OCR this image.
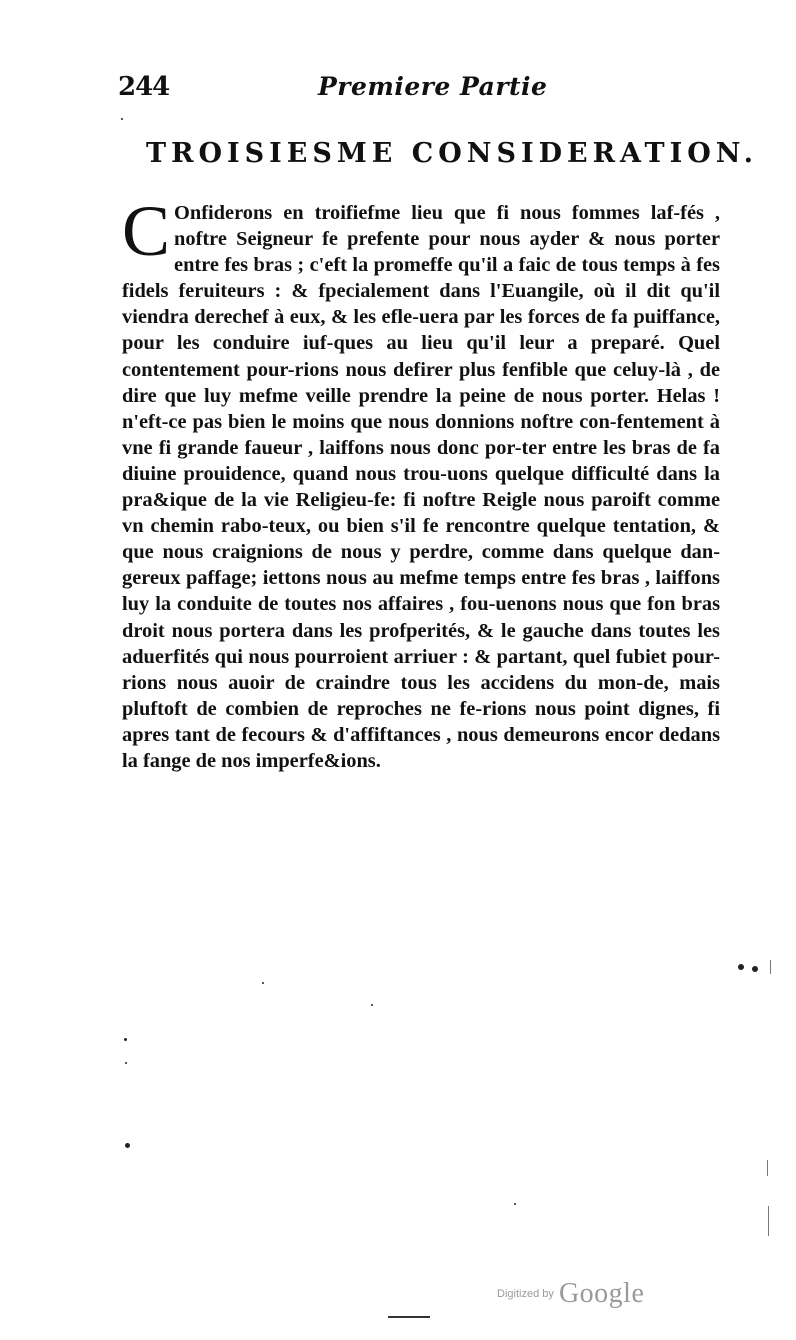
244	Premiere Partie
TROISIESME CONSIDERATION.
C Onfiderons en troifiefme lieu que fi nous fommes laf-fés , noftre Seigneur fe prefente pour nous ayder & nous porter entre fes bras ; c'eft la promeffe qu'il a faic de tous temps à fes fidels feruiteurs : & fpecialement dans l'Euangile, où il dit qu'il viendra derechef à eux, & les efle-uera par les forces de fa puiffance, pour les conduire iuf-ques au lieu qu'il leur a preparé. Quel contentement pour-rions nous defirer plus fenfible que celuy-là , de dire que luy mefme veille prendre la peine de nous porter. Helas ! n'eft-ce pas bien le moins que nous donnions noftre con-fentement à vne fi grande faueur , laiffons nous donc por-ter entre les bras de fa diuine prouidence, quand nous trou-uons quelque difficulté dans la pra&ique de la vie Religieu-fe: fi noftre Reigle nous paroift comme vn chemin rabo-teux, ou bien s'il fe rencontre quelque tentation, & que nous craignions de nous y perdre, comme dans quelque dan-gereux paffage; iettons nous au mefme temps entre fes bras , laiffons luy la conduite de toutes nos affaires , fou-uenons nous que fon bras droit nous portera dans les profperités, & le gauche dans toutes les aduerfités qui nous pourroient arriuer : & partant, quel fubiet pour-rions nous auoir de craindre tous les accidens du mon-de, mais pluftoft de combien de reproches ne fe-rions nous point dignes, fi apres tant de fecours & d'affiftances , nous demeurons encor dedans la fange de nos imperfe&ions.
Digitized by Google
